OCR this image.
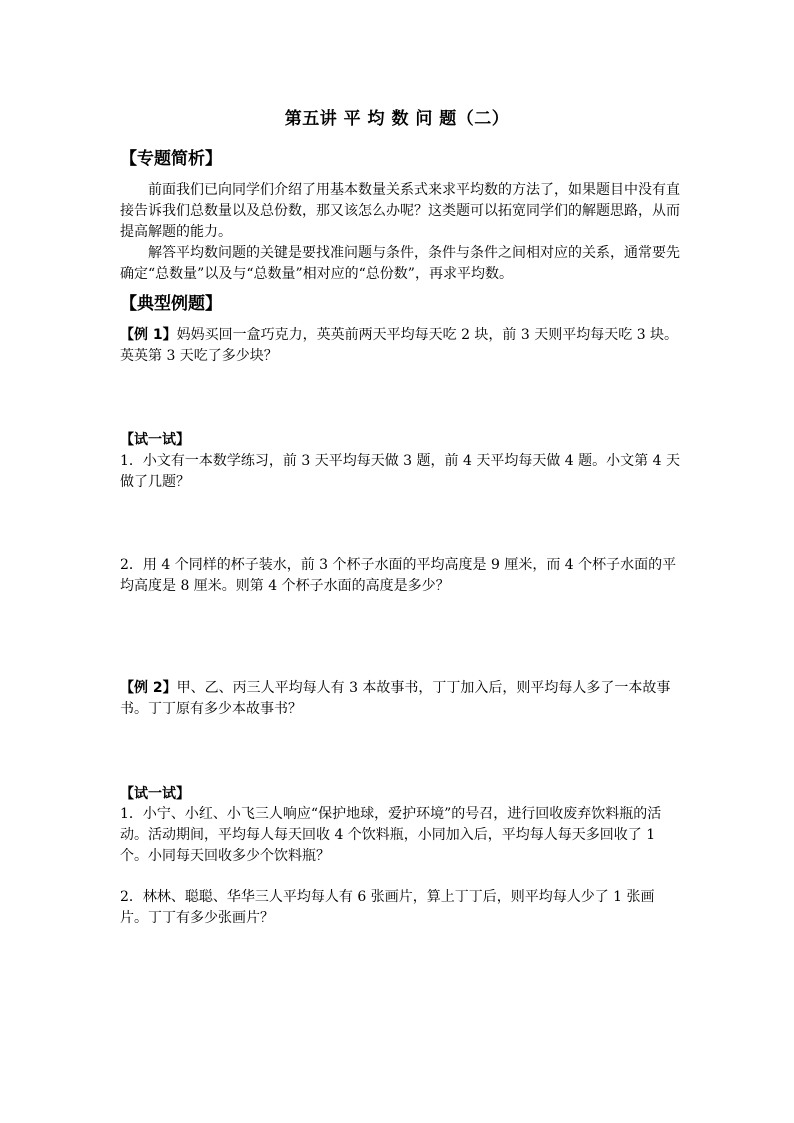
第五讲 平 均 数 问 题（二）
【专题简析】

前面我们已向同学们介绍了用基本数量关系式来求平均数的方法了，如果题目中没有直接告诉我们总数量以及总份数，那又该怎么办呢？这类题可以拓宽同学们的解题思路，从而提高解题的能力。

解答平均数问题的关键是要找准问题与条件，条件与条件之间相对应的关系，通常要先确定“总数量”以及与“总数量”相对应的“总份数”，再求平均数。

【典型例题】

【例 1】妈妈买回一盒巧克力，英英前两天平均每天吃 2 块，前 3 天则平均每天吃 3 块。英英第 3 天吃了多少块？

【试一试】

1．小文有一本数学练习，前 3 天平均每天做 3 题，前 4 天平均每天做 4 题。小文第 4 天做了几题？

2．用 4 个同样的杯子装水，前 3 个杯子水面的平均高度是 9 厘米，而 4 个杯子水面的平均高度是 8 厘米。则第 4 个杯子水面的高度是多少？

【例 2】甲、乙、丙三人平均每人有 3 本故事书，丁丁加入后，则平均每人多了一本故事书。丁丁原有多少本故事书？

【试一试】

1．小宁、小红、小飞三人响应“保护地球，爱护环境”的号召，进行回收废弃饮料瓶的活动。活动期间，平均每人每天回收 4 个饮料瓶，小同加入后，平均每人每天多回收了 1 个。小同每天回收多少个饮料瓶？

2．林林、聪聪、华华三人平均每人有 6 张画片，算上丁丁后，则平均每人少了 1 张画片。丁丁有多少张画片？
